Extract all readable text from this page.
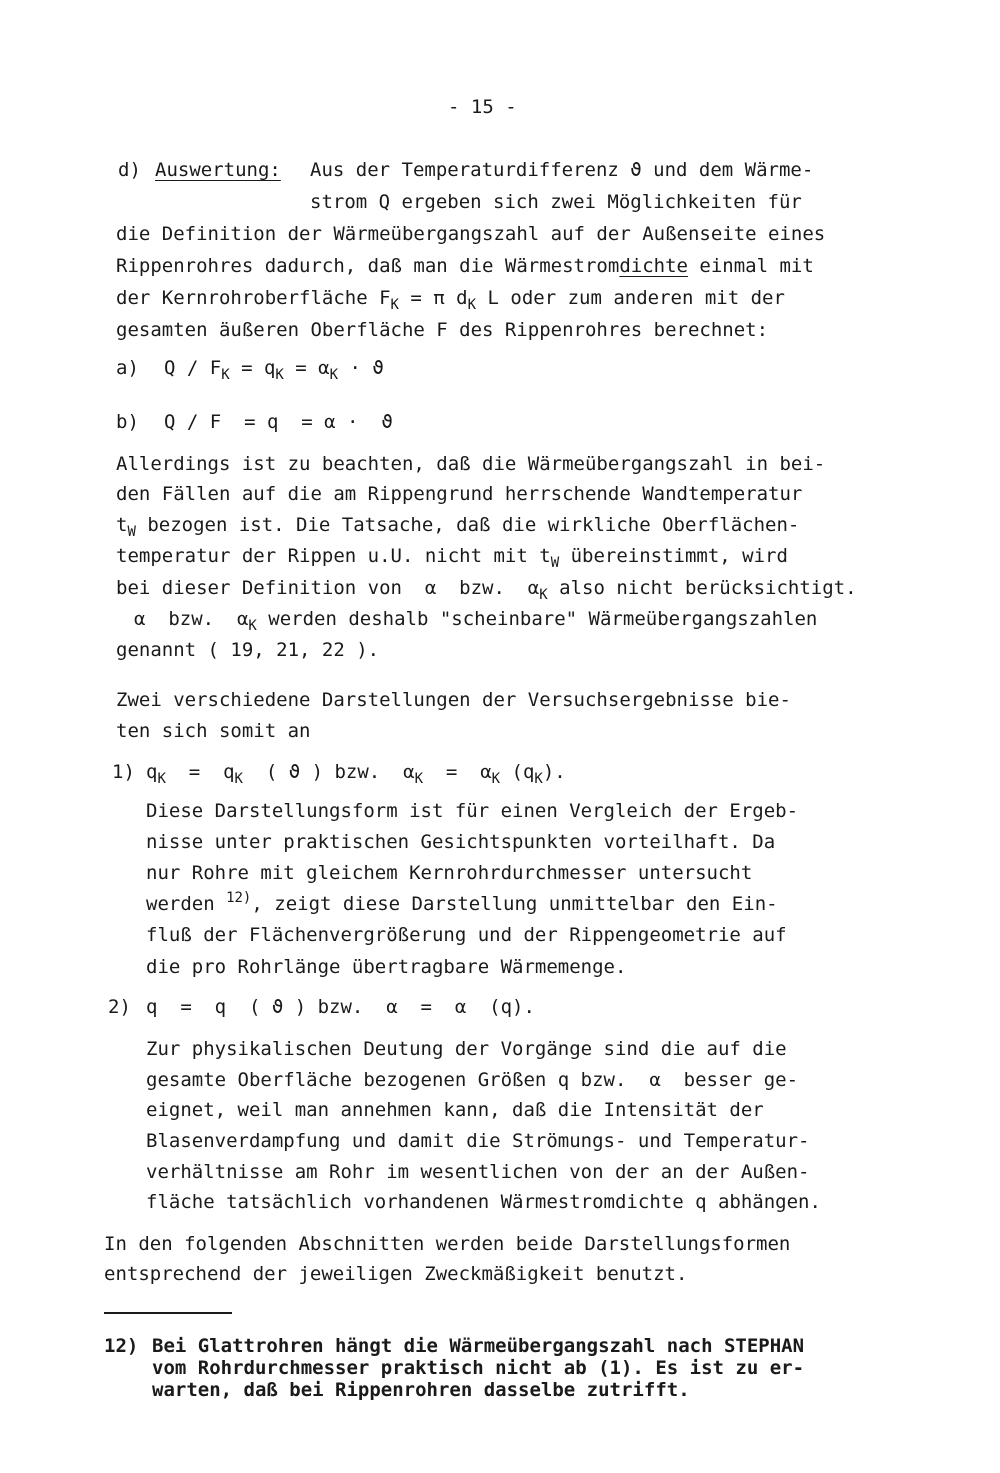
- 15 -
d) Auswertung: Aus der Temperaturdifferenz ϑ und dem Wärme-
strom Q ergeben sich zwei Möglichkeiten für
die Definition der Wärmeübergangszahl auf der Außenseite eines
Rippenrohres dadurch, daß man die Wärmestromdichte einmal mit
der Kernrohroberfläche $F_K = \pi$ $d_K$ L oder zum anderen mit der
gesamten äußeren Oberfläche F des Rippenrohres berechnet:
a) $Q / F_K = q_K = \alpha_K \cdot ϑ$
b) Q / F  = q  = α ·  ϑ
Allerdings ist zu beachten, daß die Wärmeübergangszahl in bei-
den Fällen auf die am Rippengrund herrschende Wandtemperatur
$t_W$ bezogen ist. Die Tatsache, daß die wirkliche Oberflächen-
temperatur der Rippen u.U. nicht mit $t_W$ übereinstimmt, wird
bei dieser Definition von  α  bzw.  $\alpha_K$ also nicht berücksichtigt.
α  bzw.  $\alpha_K$ werden deshalb "scheinbare" Wärmeübergangszahlen
genannt ( 19, 21, 22 ).
Zwei verschiedene Darstellungen der Versuchsergebnisse bie-
ten sich somit an
1) $q_K = q_K$  ( ϑ ) bzw.  $\alpha_K = \alpha_K$ $(q_K)$.
Diese Darstellungsform ist für einen Vergleich der Ergeb-
nisse unter praktischen Gesichtspunkten vorteilhaft. Da
nur Rohre mit gleichem Kernrohrdurchmesser untersucht
werden $^{12)}$, zeigt diese Darstellung unmittelbar den Ein-
fluß der Flächenvergrößerung und der Rippengeometrie auf
die pro Rohrlänge übertragbare Wärmemenge.
2) q  =  q  ( ϑ ) bzw.  α  =  α  (q).
Zur physikalischen Deutung der Vorgänge sind die auf die
gesamte Oberfläche bezogenen Größen q bzw.  α  besser ge-
eignet, weil man annehmen kann, daß die Intensität der
Blasenverdampfung und damit die Strömungs- und Temperatur-
verhältnisse am Rohr im wesentlichen von der an der Außen-
fläche tatsächlich vorhandenen Wärmestromdichte q abhängen.
In den folgenden Abschnitten werden beide Darstellungsformen
entsprechend der jeweiligen Zweckmäßigkeit benutzt.
12) Bei Glattrohren hängt die Wärmeübergangszahl nach STEPHAN
vom Rohrdurchmesser praktisch nicht ab (1). Es ist zu er-
warten, daß bei Rippenrohren dasselbe zutrifft.
